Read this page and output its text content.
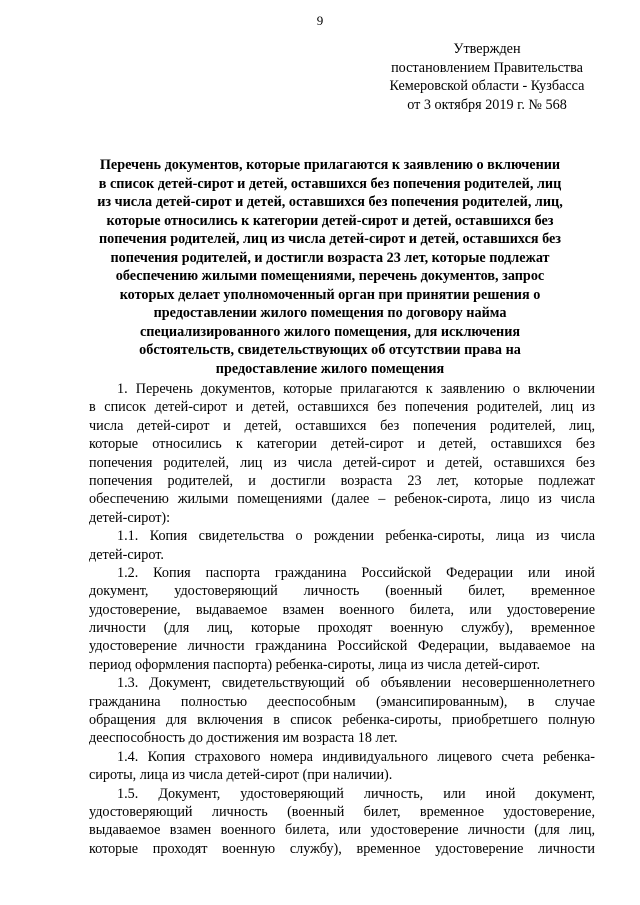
9
Утвержден
постановлением Правительства
Кемеровской области - Кузбасса
от 3 октября 2019 г. № 568
Перечень документов, которые прилагаются к заявлению о включении
в список детей-сирот и детей, оставшихся без попечения родителей, лиц
из числа детей-сирот и детей, оставшихся без попечения родителей, лиц,
которые относились к категории детей-сирот и детей, оставшихся без
попечения родителей, лиц из числа детей-сирот и детей, оставшихся без
попечения родителей, и достигли возраста 23 лет, которые подлежат
обеспечению жилыми помещениями, перечень документов, запрос
которых делает уполномоченный орган при принятии решения о
предоставлении жилого помещения по договору найма
специализированного жилого помещения, для исключения
обстоятельств, свидетельствующих об отсутствии права на
предоставление жилого помещения
1. Перечень документов, которые прилагаются к заявлению о включении
в список детей-сирот и детей, оставшихся без попечения родителей, лиц из
числа детей-сирот и детей, оставшихся без попечения родителей, лиц,
которые относились к категории детей-сирот и детей, оставшихся без
попечения родителей, лиц из числа детей-сирот и детей, оставшихся без
попечения родителей, и достигли возраста 23 лет, которые подлежат
обеспечению жилыми помещениями (далее – ребенок-сирота, лицо из числа
детей-сирот):
1.1. Копия свидетельства о рождении ребенка-сироты, лица из числа
детей-сирот.
1.2. Копия паспорта гражданина Российской Федерации или иной
документ, удостоверяющий личность (военный билет, временное
удостоверение, выдаваемое взамен военного билета, или удостоверение
личности (для лиц, которые проходят военную службу), временное
удостоверение личности гражданина Российской Федерации, выдаваемое на
период оформления паспорта) ребенка-сироты, лица из числа детей-сирот.
1.3. Документ, свидетельствующий об объявлении несовершеннолетнего
гражданина полностью дееспособным (эмансипированным), в случае
обращения для включения в список ребенка-сироты, приобретшего полную
дееспособность до достижения им возраста 18 лет.
1.4. Копия страхового номера индивидуального лицевого счета ребенка-
сироты, лица из числа детей-сирот (при наличии).
1.5. Документ, удостоверяющий личность, или иной документ,
удостоверяющий личность (военный билет, временное удостоверение,
выдаваемое взамен военного билета, или удостоверение личности (для лиц,
которые проходят военную службу), временное удостоверение личности
